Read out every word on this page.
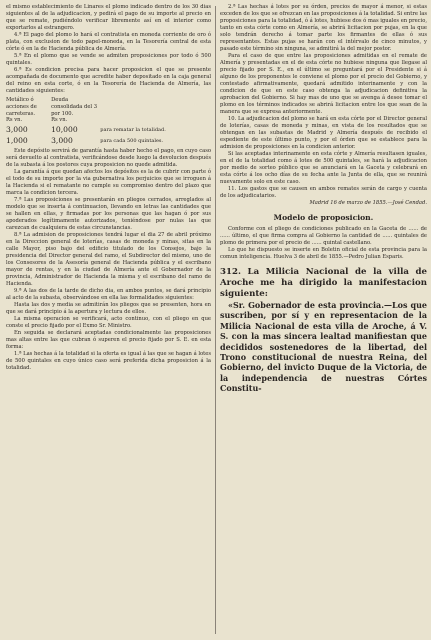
el mismo establecimiento de Linares el plomo indicado dentro de los 30 dias siguientes al de la adjudicacion, y pedirá el pago de su importe al precio en que se remate, pudiéndolo verificar libremente así en el interior como exportarlos al estrangero.

4.ª El pago del plomo lo hará el contratista en moneda corriente de oro ó plata, con exclusion de todo papel-moneda, en la Tesorería central de esta córte ó en la de Hacienda pública de Almería.

5.ª En el plomo que se vende se admiten proposiciones por todo ó 500 quintales.

6.ª Es condicion precisa para hacer proposicion el que se presente acompañada de documento que acredite haber depositado en la caja general del reino en esta corte, ó en la Tesorería de Hacienda de Almería, las cantidades siguientes:

Metálico ó acciones de carreteras.	Deuda consolidada del 3 por 100.	
Rs vn.	Rs vn.	
3,000	10,000	para rematar la totalidad.
1,000	3,000	para cada 500 quintales.

Este depósito servirá de garantía hasta haber hecho el pago, en cuyo caso será devuelto al contratista, verificándose desde luego la devolucion después de la subasta á los postores cuya proposicion no quede admitida.

La garantía á que quedan afectos los depósitos es la de cubrir con parte ó el todo de su importe por la via gubernativa los perjuicios que se irroguen á la Hacienda si el rematante no cumple su compromiso dentro del plazo que marca la condicion tercera.

7.ª Las proposiciones se presentarán en pliegos cerrados, arreglados al modelo que se inserta á continuacion, llevando en letras las cantidades que se hallen en ellas, y firmadas por los personas que las hagan ó por sus apoderados legítimamente autorizados, teniéndose por nulas las que carezcan de cualquiera de estas circunstancias.

8.ª La admision de proposiciones tendrá lugar el dia 27 de abril próximo en la Direccion general de loterías, casas de moneda y minas, sitas en la calle Mayor, piso bajo del edificio titulado de los Consejos, bajo la presidencia del Director general del ramo, el Subdirector del mismo, uno de los Consesores de la Asesoría general de Hacienda pública y el escribano mayor de rentas, y en la ciudad de Almería ante el Gobernador de la provincia, Administrador de Hacienda la misma y el escribano del ramo de Hacienda.

9.ª A las dos de la tarde de dicho dia, en ambos puntos, se dará principio al acto de la subasta, observándose en ella las formalidades siguientes:

Hasta las dos y media se admitirán los pliegos que se presenten, hora en que se dará principio á la apertura y lectura de ellos.

La misma operacion se verificará, acto continuo, con el pliego en que conste el precio fijado por el Exmo Sr. Ministro.

En seguida se declarará aceptadas condicionalmente las proposiciones mas altas entre las que cubran ó superen el precio fijado por S. E. en esta forma:

1.ª Las hechas á la totalidad si la oferta es igual á las que se hagan á lotes de 500 quintales en cuyo único caso será preferida dicha proposicion á la totalidad.

2.ª Las hechas á lotes por su órden, precios de mayor á menor, si estas exceden de los que se ofrezcan en las proposiciones á la totalidad. Si entre las proposiciones para la totalidad, ó á lotes, hubiese dos ó mas iguales en precio, tanto en esta córte como en Almería, se abrirá licitacion por pujas, en la que solo tendrán derecho á tomar parte los firmantes de ellas ó sus representantes. Estas pujas se harán con el intérvalo de cinco minutos, y pasado este término sin ninguna, se admitirá la del mejor postor.

Para el caso de que entre las proposiciones admitidas en el remate de Almería y presentadas en el de esta córte no hubiese ninguna que llegase al precio fijado por S. E., en el último se preguntará por el Presidente si á alguno de los proponentes le conviene el plomo por el precio del Gobierno, y contestado afirmativamente, quedará admitido interinamente y con la condicion de que en este caso obtenga la adjudicacion definitiva la aprobacion del Gobierno. Si hay mas de uno que se avenga á desee tomar el plomo en los términos indicados se abrirá licitacion entre los que sean de la manera que se expresa anteriormente.

10. La adjudicacion del plomo se hará en esta córte por el Director general de loterías, casas de moneda y minas, en vista de los resultados que se obtengan en las subastas de Madrid y Almería después de recibido el espediente de este último punto, y por el órden que se establece para la admision de proposiciones en la condicion anterior.

Si las aceptadas interinamente en esta córte y Almería resultasen iguales, en el de la totalidad como á lotes de 500 quintales, se hará la adjudicacion por medio de sorteo público que se anunciará en la Gaceta y celebrará en esta córte á los ocho días de su fecha ante la Junta de ella, que se reunirá nuevamente solo en este caso.

11. Los gastos que se causen en ambos remates serán de cargo y cuenta de los adjudicatarios.

Madrid 16 de marzo de 1855.—José Cendad.

Modelo de proposicion.

Conforme con el pliego de condiciones publicado en la Gaceta de ...... de ...... último, el que firma compra al Gobierno la cantidad de ...... quintales de plomo de primera por el precio de ...... quintal castellano.

Lo que he dispuesto se inserte en Boletin oficial de esta provincia para la comun inteligencia. Huelva 3 de abril de 1855.—Pedro Julian Esparis.

312. La Milicia Nacional de la villa de Aroche me ha dirigido la manifestacion siguiente:

«Sr. Gobernador de esta provincia.—Los que suscriben, por sí y en representacion de la Milicia Nacional de esta villa de Aroche, á V. S. con la mas sincera lealtad manifiestan que decididos sostenedores de la libertad, del Trono constitucional de nuestra Reina, del Gobierno, del invicto Duque de la Victoria, de la independencia de nuestras Córtes Constitu-
